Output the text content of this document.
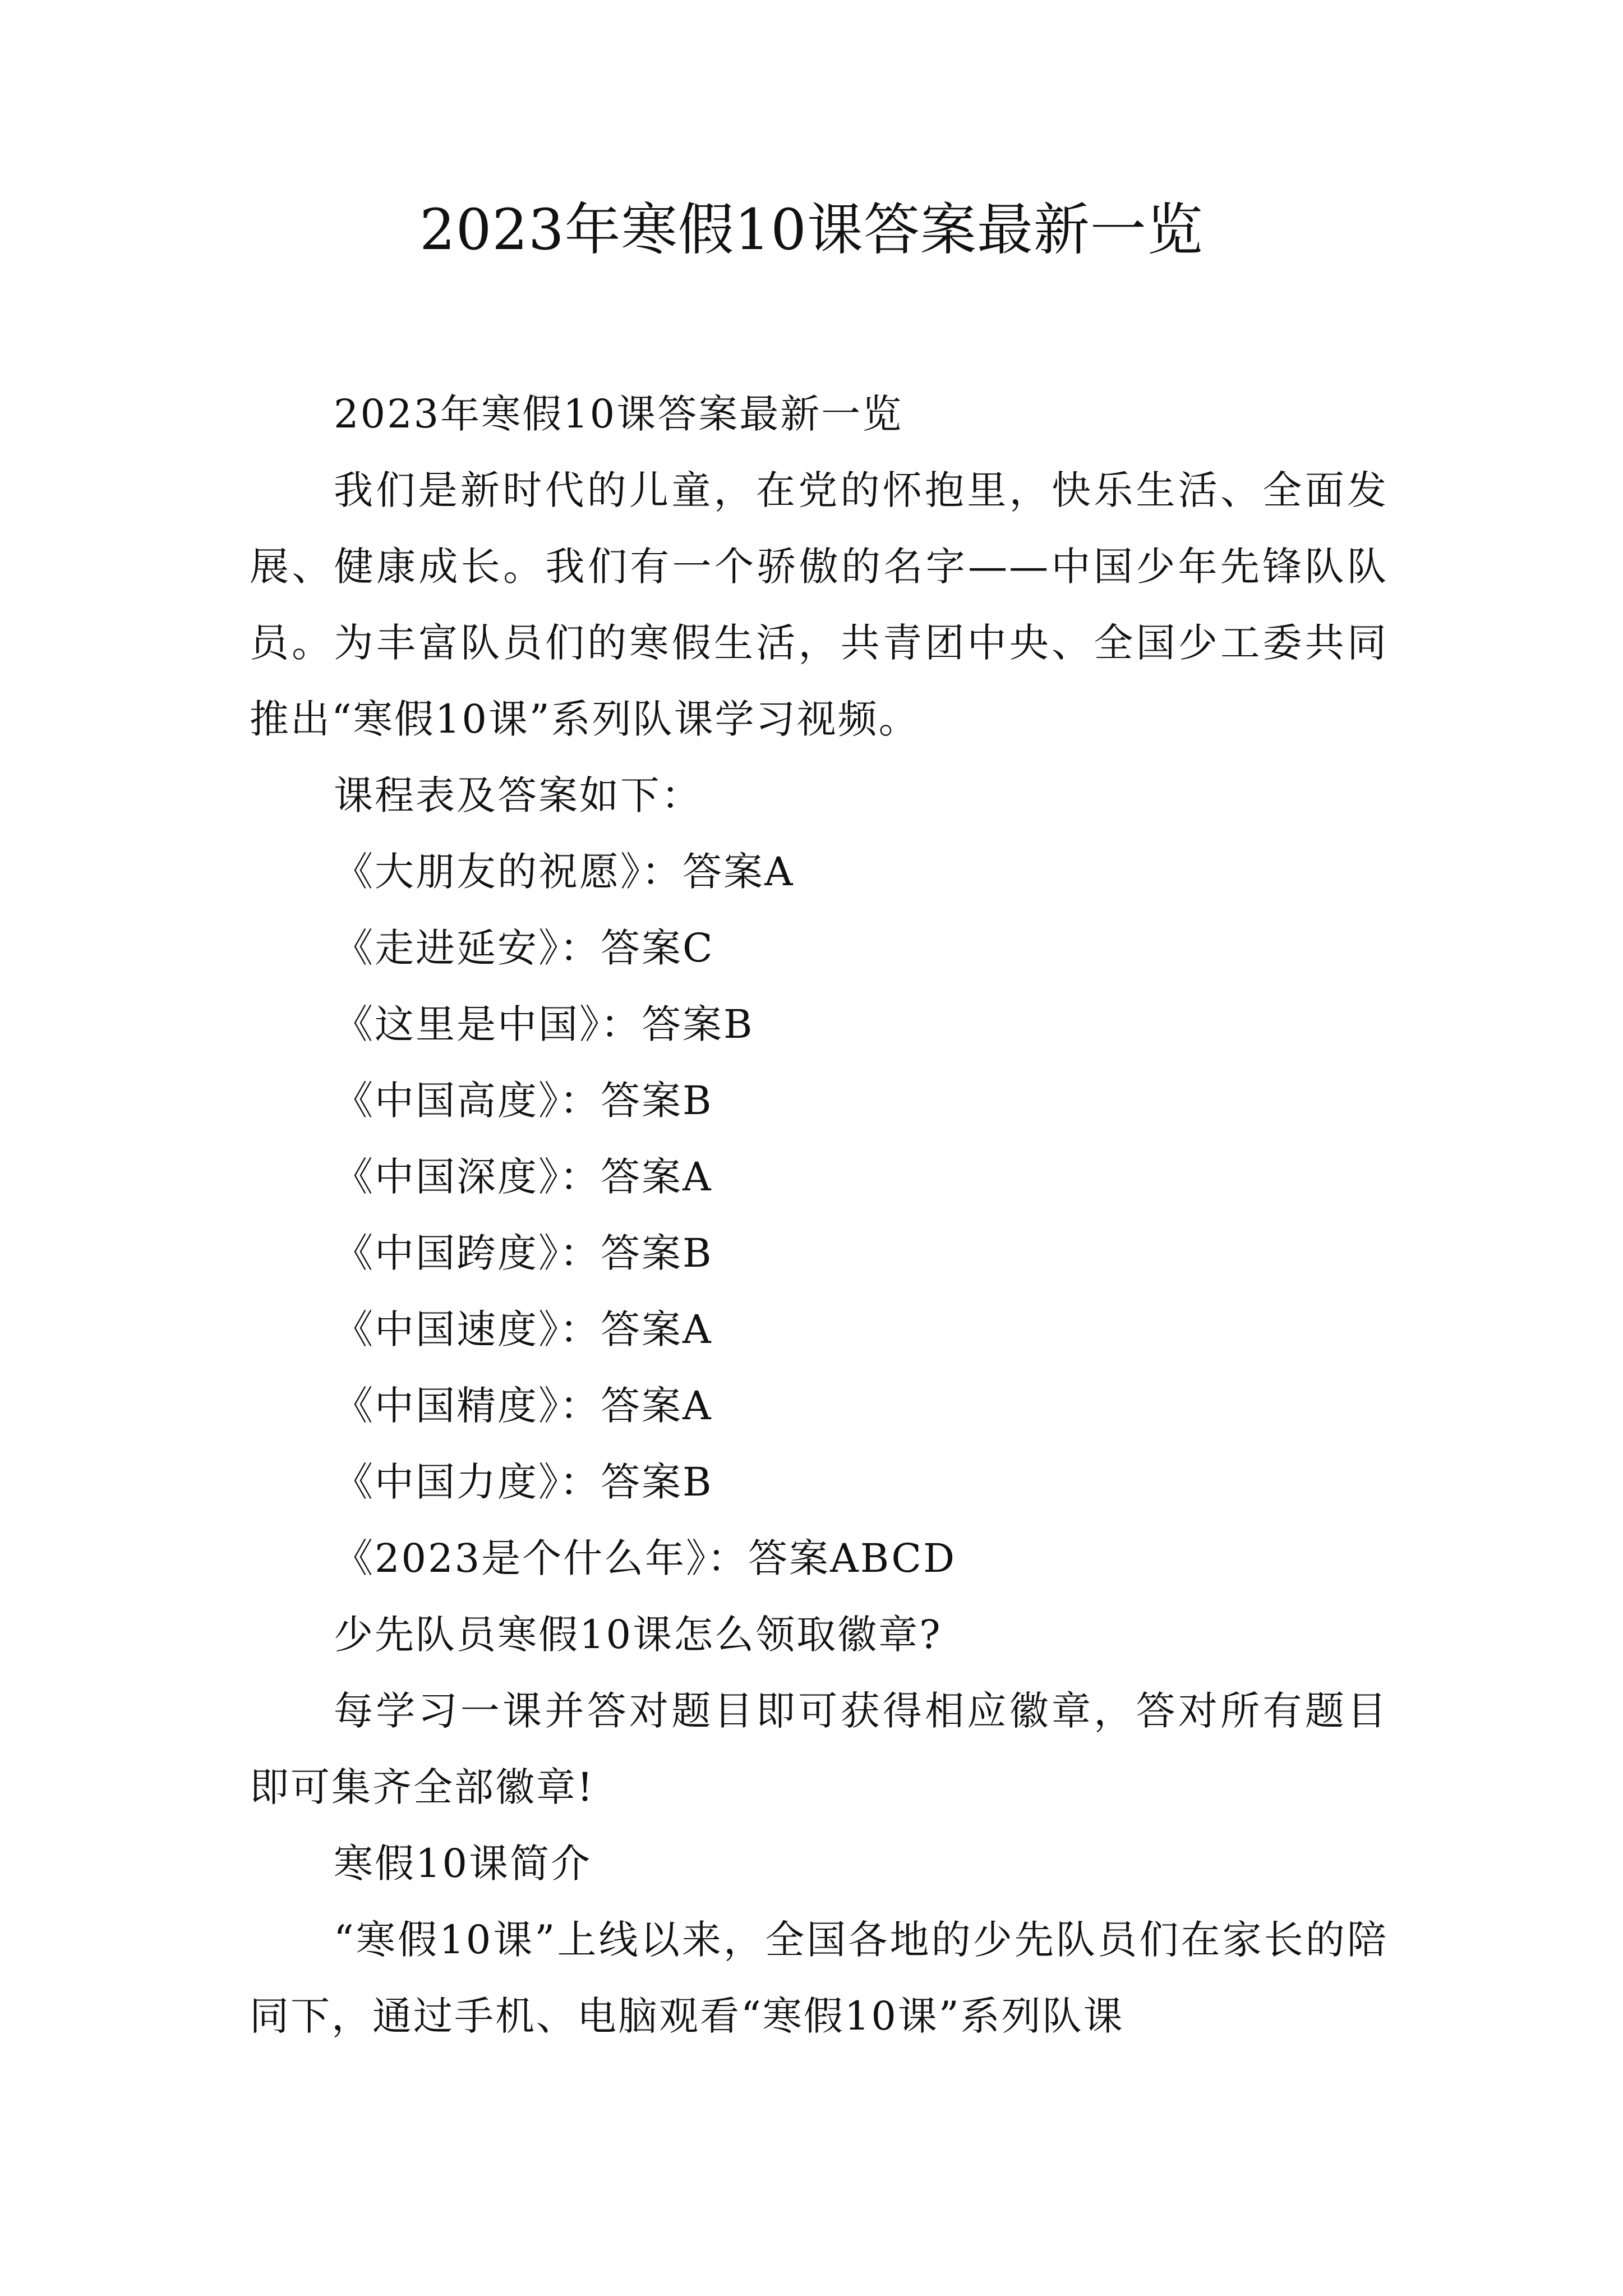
2023年寒假10课答案最新一览

2023年寒假10课答案最新一览

我们是新时代的儿童，在党的怀抱里，快乐生活、全面发展、健康成长。我们有一个骄傲的名字——中国少年先锋队队员。为丰富队员们的寒假生活，共青团中央、全国少工委共同推出“寒假10课”系列队课学习视频。

课程表及答案如下：

《大朋友的祝愿》：答案A

《走进延安》：答案C

《这里是中国》：答案B

《中国高度》：答案B

《中国深度》：答案A

《中国跨度》：答案B

《中国速度》：答案A

《中国精度》：答案A

《中国力度》：答案B

《2023是个什么年》：答案ABCD

少先队员寒假10课怎么领取徽章?

每学习一课并答对题目即可获得相应徽章，答对所有题目即可集齐全部徽章!

寒假10课简介

“寒假10课”上线以来，全国各地的少先队员们在家长的陪同下，通过手机、电脑观看“寒假10课”系列队课
